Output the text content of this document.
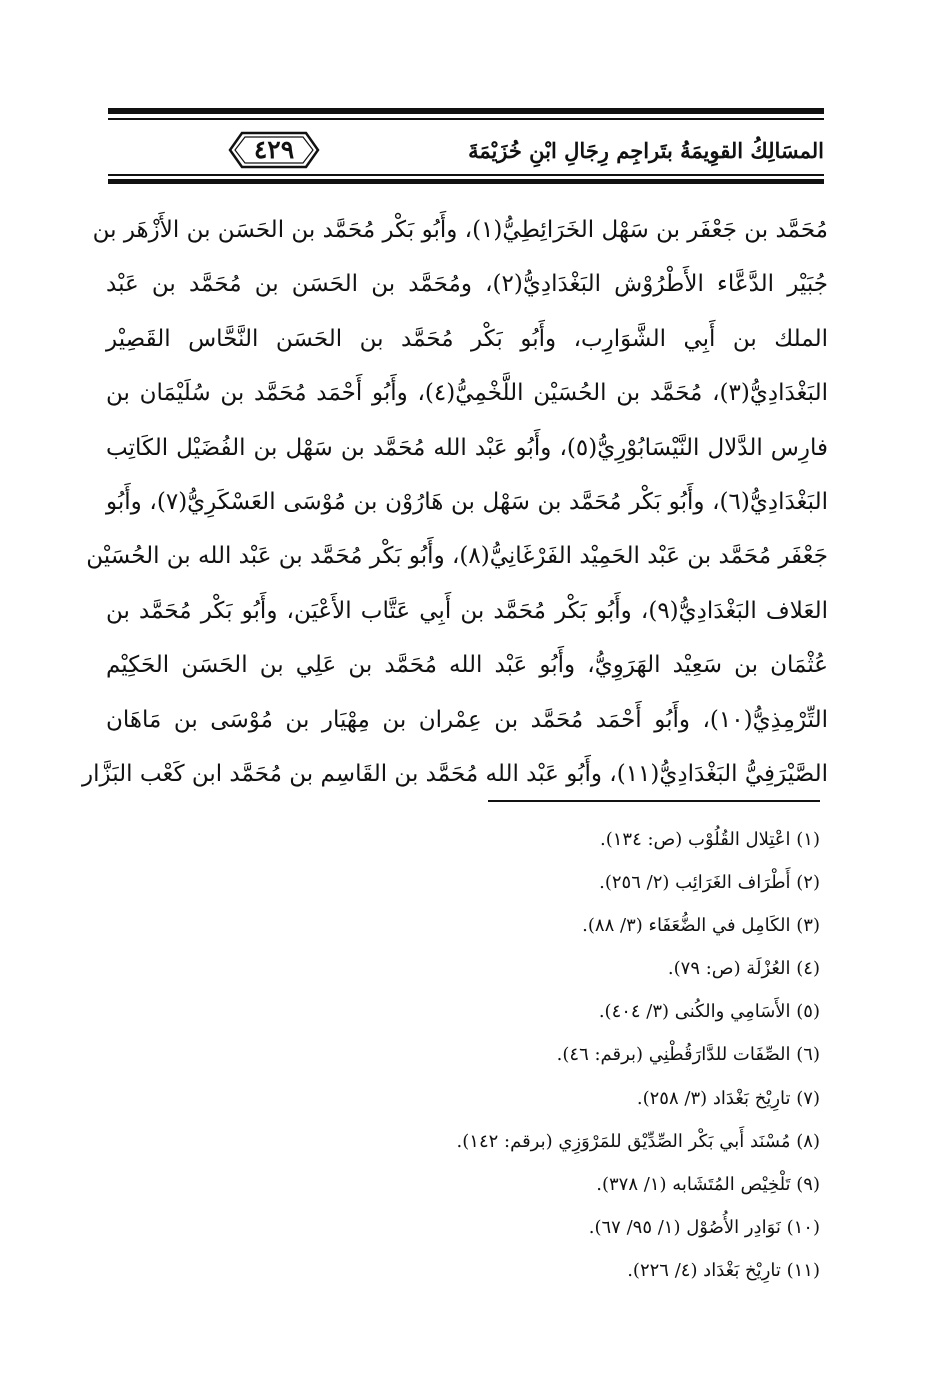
٤٢٩	المسَالِكُ القوِيمَةُ بتَراجِم رِجَالِ ابْنِ خُزَيْمَةَ
مُحَمَّد بن جَعْفَر بن سَهْل الخَرَائِطِيُّ(١)، وأَبُو بَكْر مُحَمَّد بن الحَسَن بن الأَزْهَر بن
جُبَيْر الدَّعَّاء الأَطْرُوْش البَغْدَادِيُّ(٢)، ومُحَمَّد بن الحَسَن بن مُحَمَّد بن عَبْد
الملك بن أَبِي الشَّوَارِب، وأَبُو بَكْر مُحَمَّد بن الحَسَن النَّحَّاس القَصِيْر
البَغْدَادِيُّ(٣)، مُحَمَّد بن الحُسَيْن اللَّخْمِيُّ(٤)، وأَبُو أَحْمَد مُحَمَّد بن سُلَيْمَان بن
فارِس الدَّلال النَّيْسَابُوْرِيُّ(٥)، وأَبُو عَبْد الله مُحَمَّد بن سَهْل بن الفُضَيْل الكَاتِب
البَغْدَادِيُّ(٦)، وأَبُو بَكْر مُحَمَّد بن سَهْل بن هَارُوْن بن مُوْسَى العَسْكَرِيُّ(٧)، وأَبُو
جَعْفَر مُحَمَّد بن عَبْد الحَمِيْد الفَرْغَانِيُّ(٨)، وأَبُو بَكْر مُحَمَّد بن عَبْد الله بن الحُسَيْن
العَلاف البَغْدَادِيُّ(٩)، وأَبُو بَكْر مُحَمَّد بن أَبِي عَتَّاب الأَعْيَن، وأَبُو بَكْر مُحَمَّد بن
عُثْمَان بن سَعِيْد الهَرَوِيُّ، وأَبُو عَبْد الله مُحَمَّد بن عَلِي بن الحَسَن الحَكِيْم
التِّرْمِذِيُّ(١٠)، وأَبُو أَحْمَد مُحَمَّد بن عِمْران بن مِهْيَار بن مُوْسَى بن مَاهَان
الصَّيْرَفِيُّ البَغْدَادِيُّ(١١)، وأَبُو عَبْد الله مُحَمَّد بن القَاسِم بن مُحَمَّد ابن كَعْب البَزَّار
(١) اعْتِلال القُلُوْب (ص: ١٣٤).
(٢) أَطْرَاف الغَرَائِب (٢/ ٢٥٦).
(٣) الكَامِل في الضُّعَفَاء (٣/ ٨٨).
(٤) العُزْلَة (ص: ٧٩).
(٥) الأَسَامِي والكُنى (٣/ ٤٠٤).
(٦) الصِّفَات للدَّارَقُطْنِي (برقم: ٤٦).
(٧) تارِيْخ بَغْدَاد (٣/ ٢٥٨).
(٨) مُسْنَد أَبي بَكْر الصِّدِّيْق للمَرْوَزِي (برقم: ١٤٢).
(٩) تَلْخِيْص المُتَشَابه (١/ ٣٧٨).
(١٠) نَوَادِر الأُصُوْل (١/ ٩٥/ ٦٧).
(١١) تارِيْخ بَغْدَاد (٤/ ٢٢٦).
